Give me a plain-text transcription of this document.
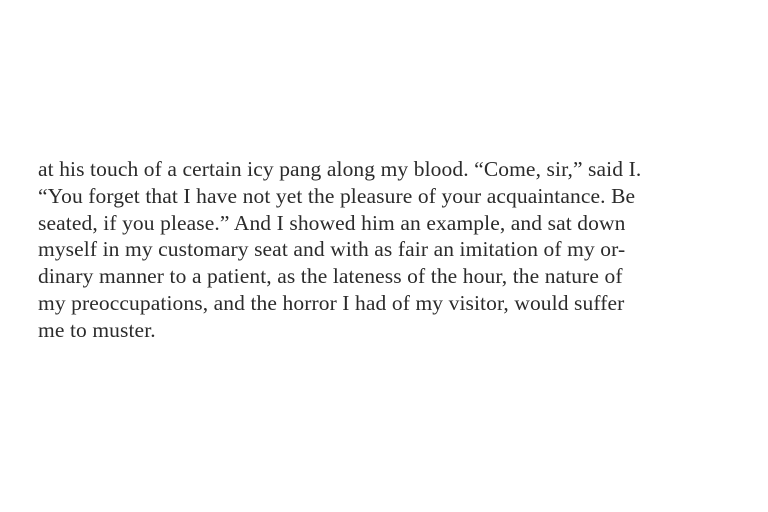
at his touch of a certain icy pang along my blood. “Come, sir,” said I.
“You forget that I have not yet the pleasure of your acquaintance. Be
seated, if you please.” And I showed him an example, and sat down
myself in my customary seat and with as fair an imitation of my or-
dinary manner to a patient, as the lateness of the hour, the nature of
my preoccupations, and the horror I had of my visitor, would suffer
me to muster.
